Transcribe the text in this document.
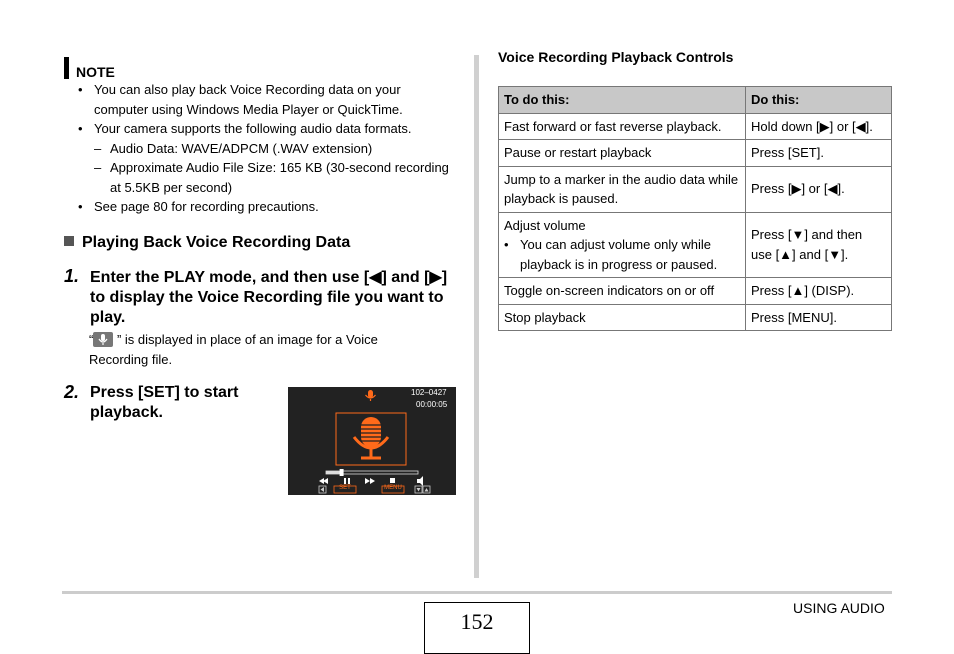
NOTE
• You can also play back Voice Recording data on your computer using Windows Media Player or QuickTime.
• Your camera supports the following audio data formats.
– Audio Data: WAVE/ADPCM (.WAV extension)
– Approximate Audio File Size: 165 KB (30-second recording at 5.5KB per second)
• See page 80 for recording precautions.
Playing Back Voice Recording Data
1. Enter the PLAY mode, and then use [◀] and [▶] to display the Voice Recording file you want to play.
“ ” is displayed in place of an image for a Voice Recording file.
2. Press [SET] to start playback.
102–0427
00:00:05
SET	MENU
Voice Recording Playback Controls
To do this:	Do this:
Fast forward or fast reverse playback.	Hold down [▶] or [◀].
Pause or restart playback	Press [SET].
Jump to a marker in the audio data while playback is paused.	Press [▶] or [◀].

Adjust volume
• You can adjust volume only while playback is in progress or paused.	Press [▼] and then use [▲] and [▼].
Toggle on-screen indicators on or off	Press [▲] (DISP).
Stop playback	Press [MENU].
152
USING AUDIO
